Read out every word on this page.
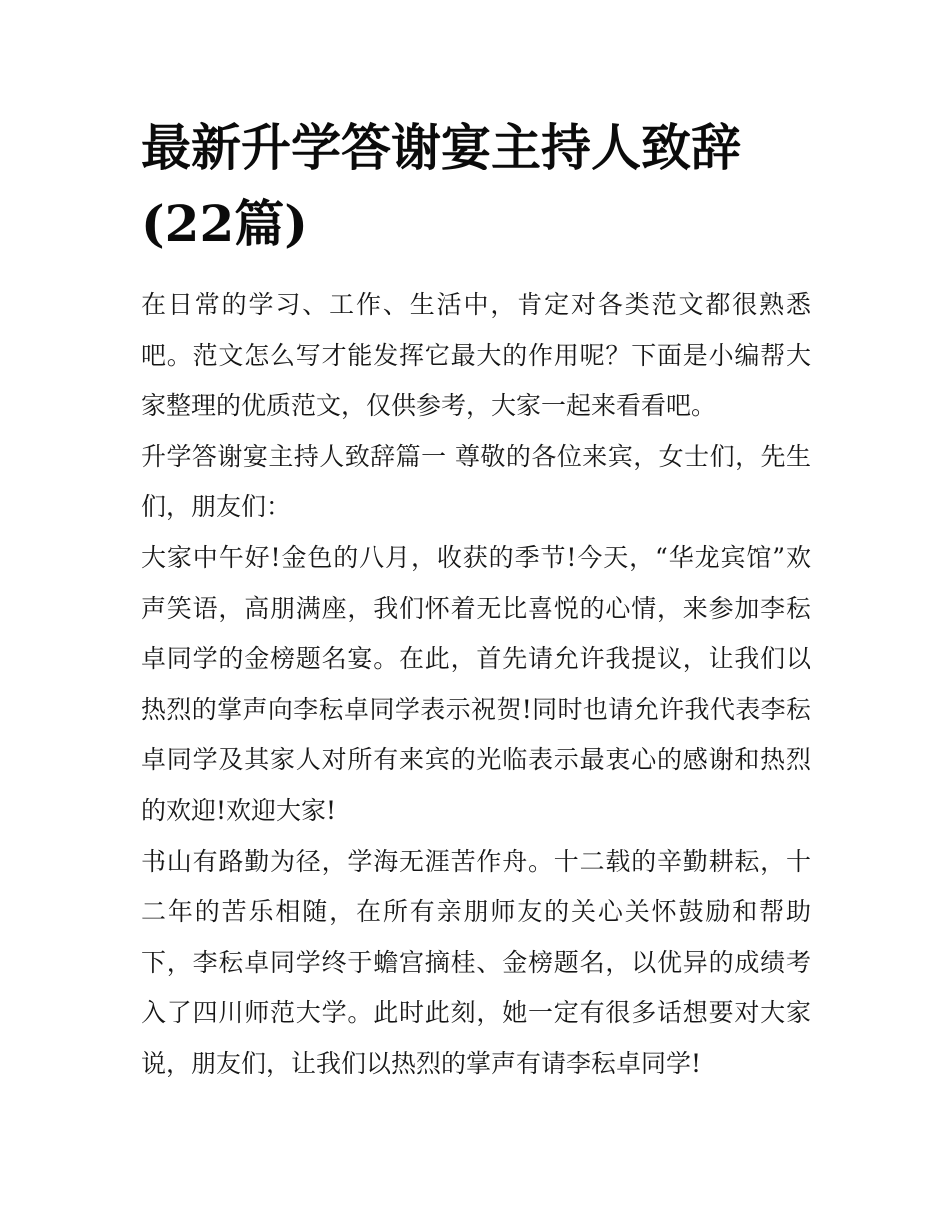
最新升学答谢宴主持人致辞(22篇)

在日常的学习、工作、生活中，肯定对各类范文都很熟悉吧。范文怎么写才能发挥它最大的作用呢？下面是小编帮大家整理的优质范文，仅供参考，大家一起来看看吧。

升学答谢宴主持人致辞篇一 尊敬的各位来宾，女士们，先生们，朋友们：

大家中午好!金色的八月，收获的季节!今天，“华龙宾馆”欢声笑语，高朋满座，我们怀着无比喜悦的心情，来参加李秐卓同学的金榜题名宴。在此，首先请允许我提议，让我们以热烈的掌声向李秐卓同学表示祝贺!同时也请允许我代表李秐卓同学及其家人对所有来宾的光临表示最衷心的感谢和热烈的欢迎!欢迎大家!

书山有路勤为径，学海无涯苦作舟。十二载的辛勤耕耘，十二年的苦乐相随，在所有亲朋师友的关心关怀鼓励和帮助下，李秐卓同学终于蟾宫摘桂、金榜题名，以优异的成绩考入了四川师范大学。此时此刻，她一定有很多话想要对大家说，朋友们，让我们以热烈的掌声有请李秐卓同学!
